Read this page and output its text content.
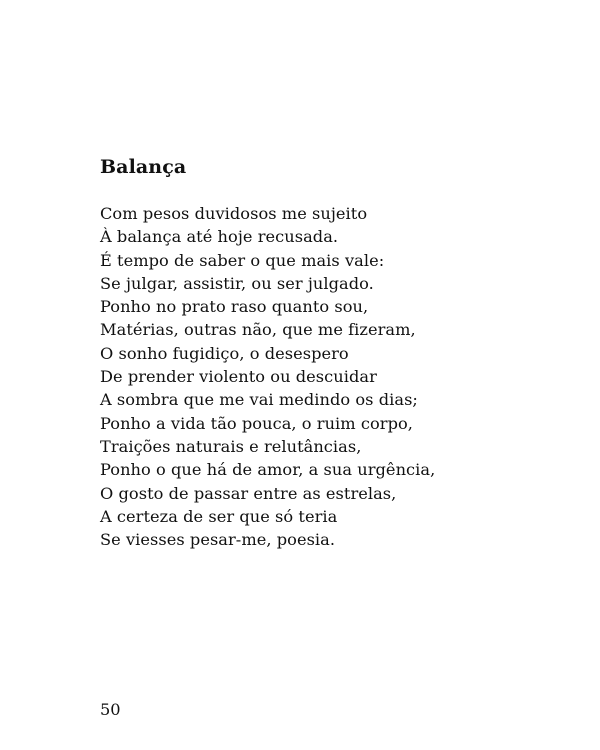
Balança
Com pesos duvidosos me sujeito
À balança até hoje recusada.
É tempo de saber o que mais vale:
Se julgar, assistir, ou ser julgado.
Ponho no prato raso quanto sou,
Matérias, outras não, que me fizeram,
O sonho fugidiço, o desespero
De prender violento ou descuidar
A sombra que me vai medindo os dias;
Ponho a vida tão pouca, o ruim corpo,
Traições naturais e relutâncias,
Ponho o que há de amor, a sua urgência,
O gosto de passar entre as estrelas,
A certeza de ser que só teria
Se viesses pesar-me, poesia.
50
